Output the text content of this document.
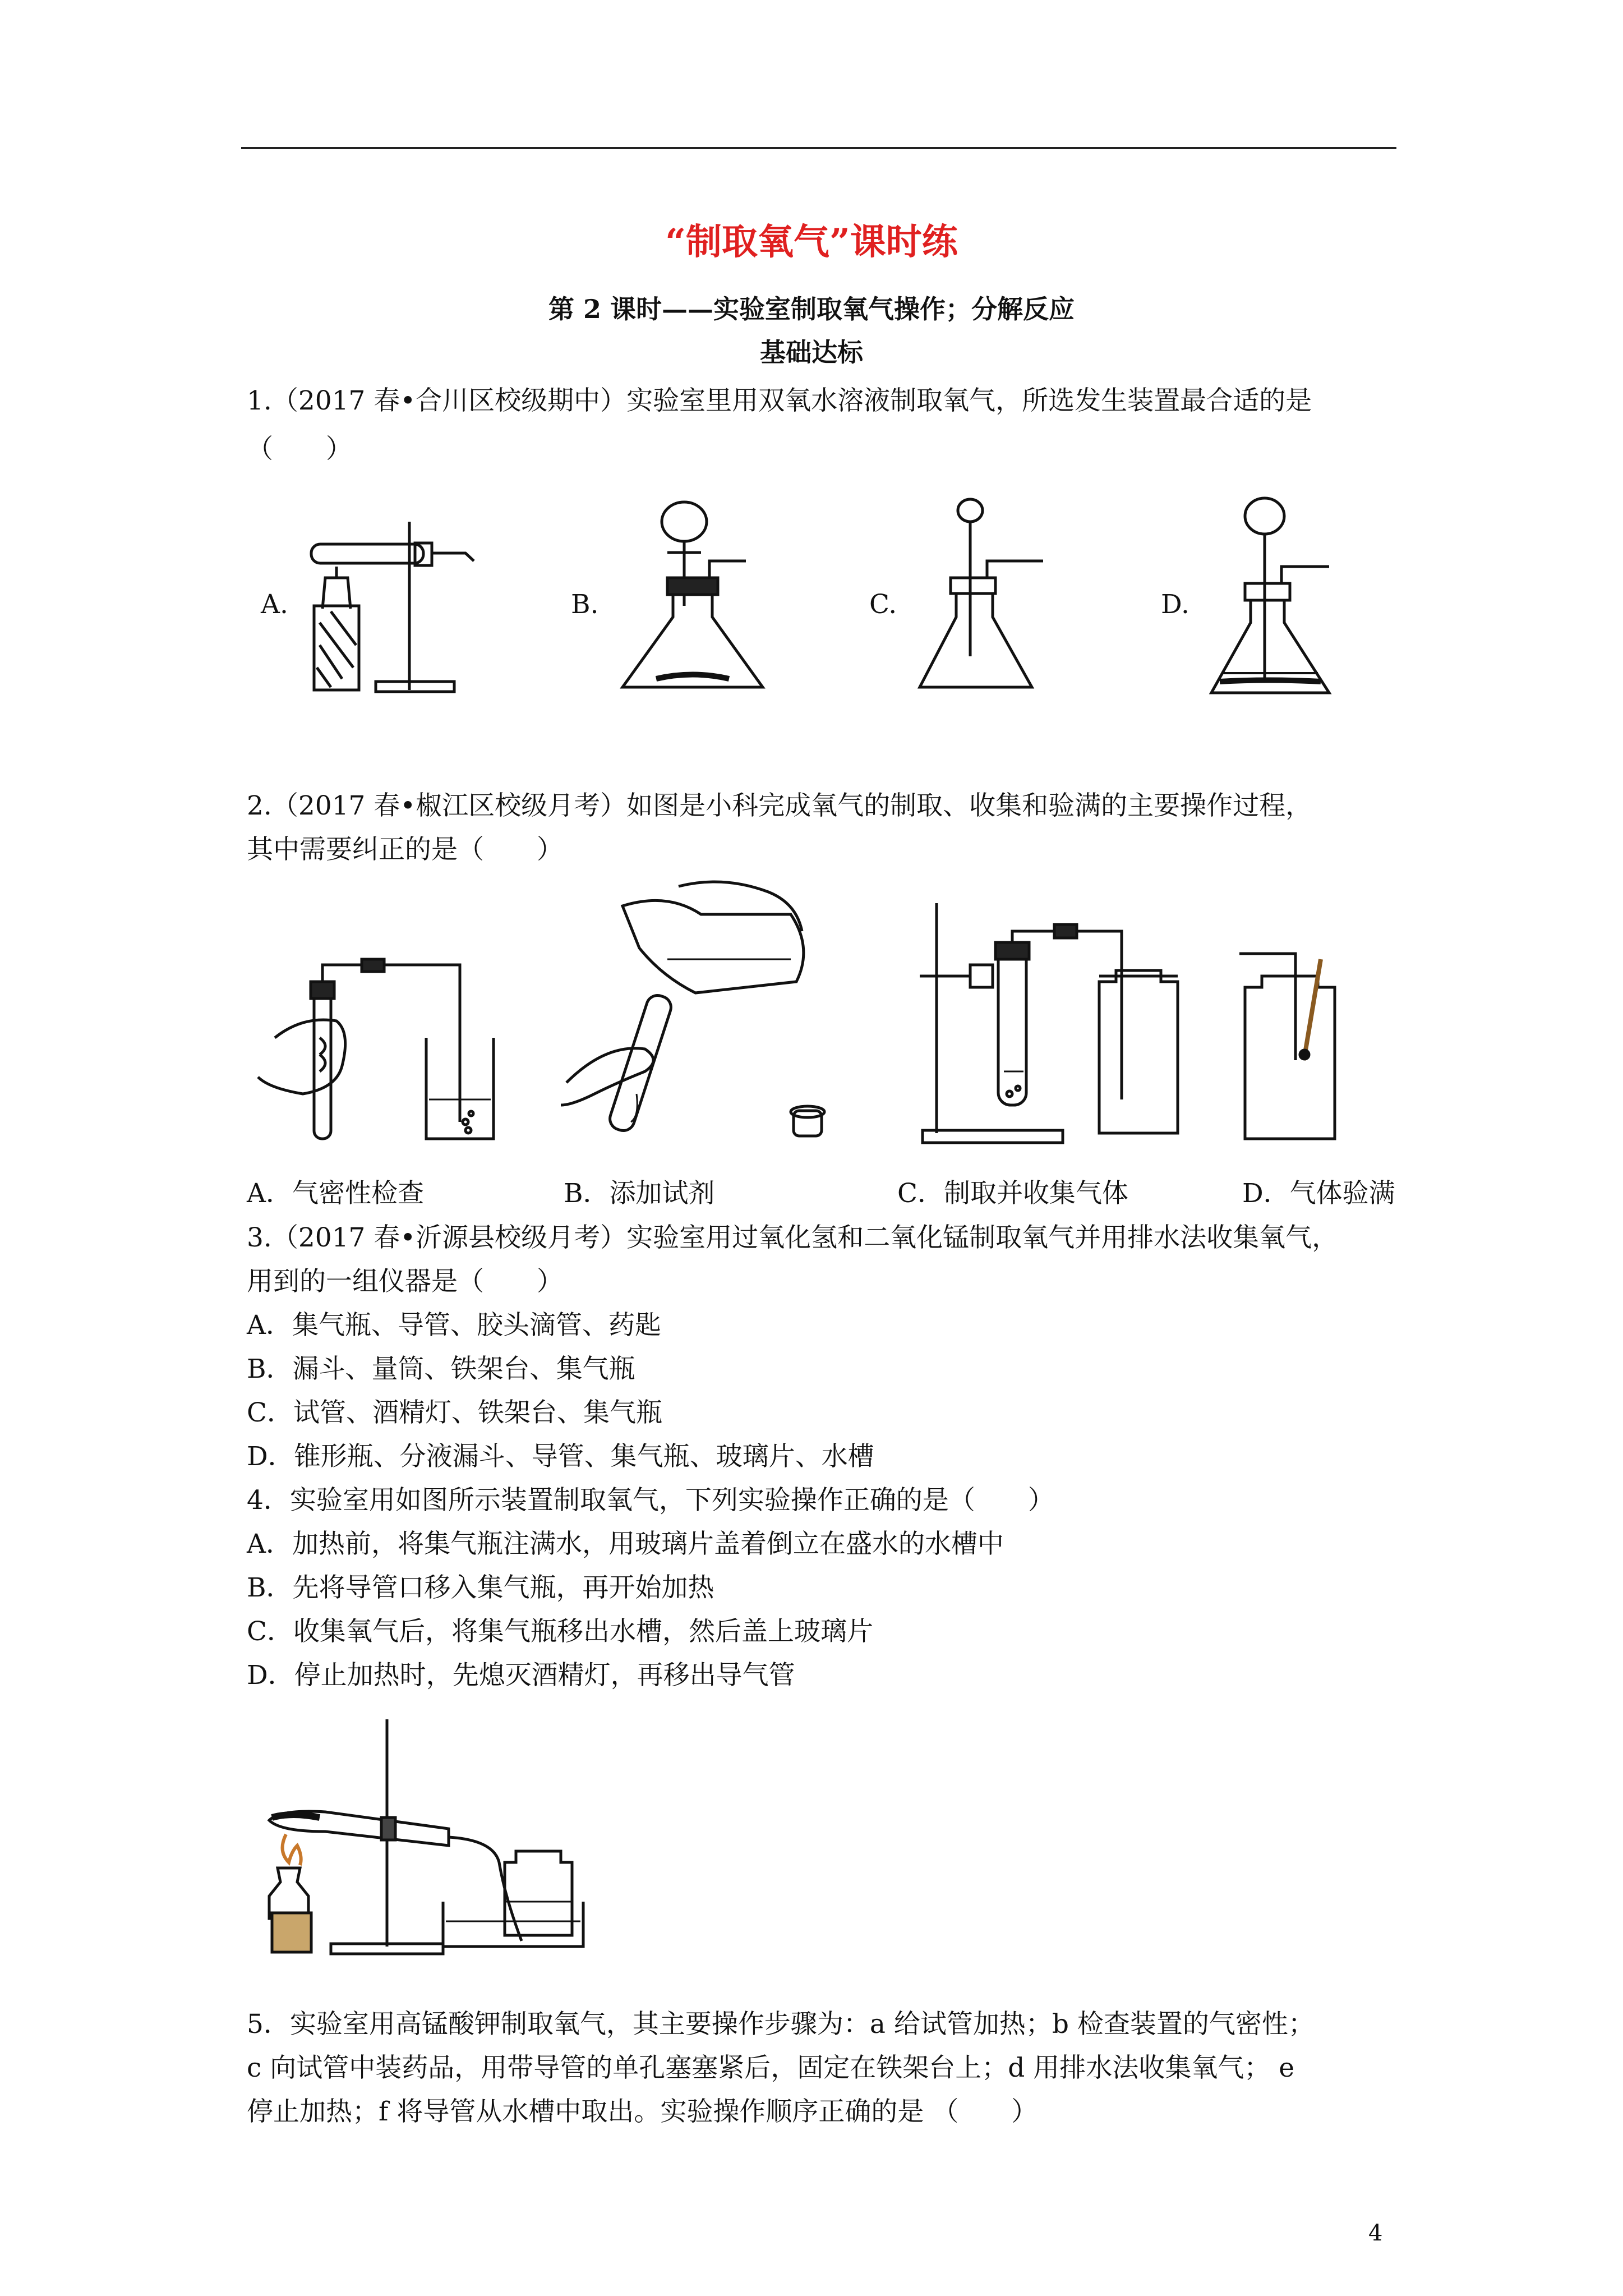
“制取氧气”课时练
第 2 课时——实验室制取氧气操作；分解反应
基础达标
1.（2017 春•合川区校级期中）实验室里用双氧水溶液制取氧气，所选发生装置最合适的是
（　　）
A.	B.	C.	D.
2.（2017 春•椒江区校级月考）如图是小科完成氧气的制取、收集和验满的主要操作过程，
其中需要纠正的是（　　）
A．气密性检查	B．添加试剂	C．制取并收集气体	D．气体验满
3.（2017 春•沂源县校级月考）实验室用过氧化氢和二氧化锰制取氧气并用排水法收集氧气，
用到的一组仪器是（　　）
A．集气瓶、导管、胶头滴管、药匙
B．漏斗、量筒、铁架台、集气瓶
C．试管、酒精灯、铁架台、集气瓶
D．锥形瓶、分液漏斗、导管、集气瓶、玻璃片、水槽
4．实验室用如图所示装置制取氧气，下列实验操作正确的是（　　）
A．加热前，将集气瓶注满水，用玻璃片盖着倒立在盛水的水槽中
B．先将导管口移入集气瓶，再开始加热
C．收集氧气后，将集气瓶移出水槽，然后盖上玻璃片
D．停止加热时，先熄灭酒精灯，再移出导气管
5．实验室用高锰酸钾制取氧气，其主要操作步骤为：a 给试管加热；b 检查装置的气密性；
c 向试管中装药品，用带导管的单孔塞塞紧后，固定在铁架台上；d 用排水法收集氧气； e
停止加热；f 将导管从水槽中取出。实验操作顺序正确的是 （　　）
4
